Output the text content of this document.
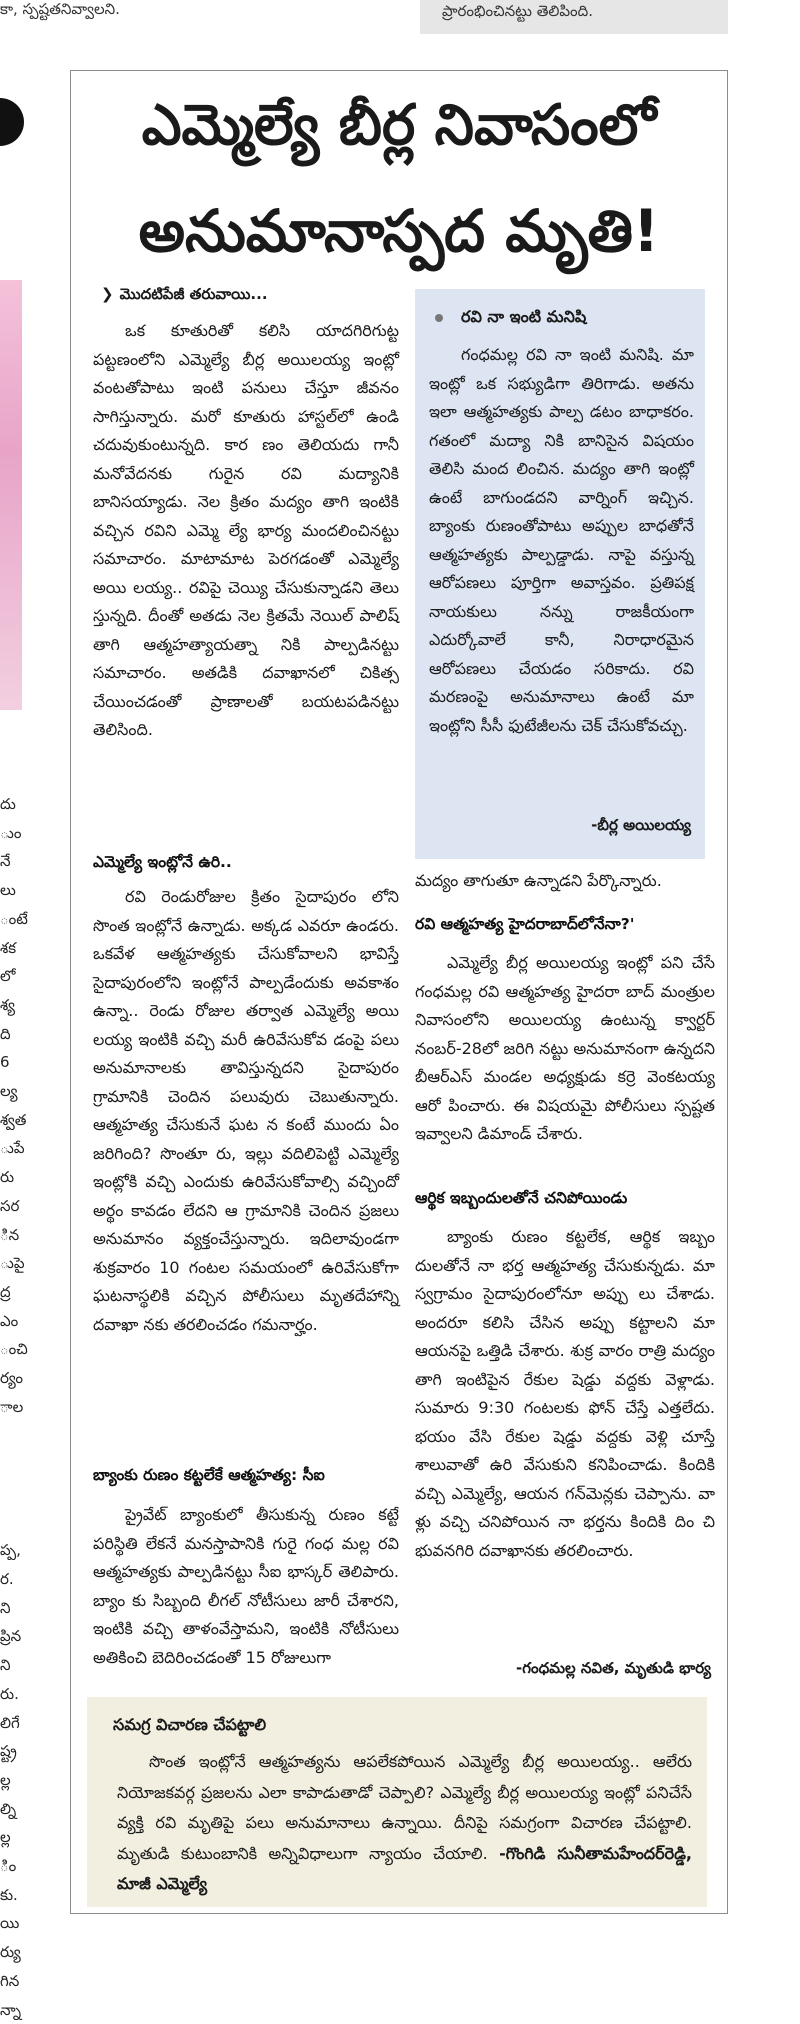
కా, స్పష్టతనివ్వాలని.	ప్రారంభించినట్టు తెలిపింది.
దు
ుం
నే
లు
ంటే
శక
లో
శ్య
ది
6
ల్య
శ్వత
ుపే
రు
సర
ిన
ుపై
ద్ర
ఎం
ంచి
ర్యం
ాల

ప్ప,
ర.
ని
ప్రిన
ని
రు.
లిగే
ష్ట్ర
ల్ల
ల్ని
ల్ల
ిం
కు.
యి
ర్యు
గిన
న్నా
ఎమ్మెల్యే బీర్ల నివాసంలో
అనుమానాస్పద మృతి!
❯ మొదటిపేజీ తరువాయి...
ఒక కూతురితో కలిసి యాదగిరిగుట్ట పట్టణంలోని ఎమ్మెల్యే బీర్ల అయిలయ్య ఇంట్లో వంటతోపాటు ఇంటి పనులు చేస్తూ జీవనం సాగిస్తున్నారు. మరో కూతురు హాస్టల్‌లో ఉండి చదువుకుంటున్నది. కార ణం తెలియదు గానీ మనోవేదనకు గురైన రవి మద్యానికి బానిసయ్యాడు. నెల క్రితం మద్యం తాగి ఇంటికి వచ్చిన రవిని ఎమ్మె ల్యే భార్య మందలించినట్టు సమాచారం. మాటామాట పెరగడంతో ఎమ్మెల్యే అయి లయ్య.. రవిపై చెయ్యి చేసుకున్నాడని తెలు స్తున్నది. దీంతో అతడు నెల క్రితమే నెయిల్ పాలిష్ తాగి ఆత్మహత్యాయత్నా నికి పాల్పడినట్టు సమాచారం. అతడికి దవాఖానలో చికిత్స చేయించడంతో ప్రాణాలతో బయటపడినట్టు తెలిసింది.
ఎమ్మెల్యే ఇంట్లోనే ఉరి..
రవి రెండురోజుల క్రితం సైదాపురం లోని సొంత ఇంట్లోనే ఉన్నాడు. అక్కడ ఎవరూ ఉండరు. ఒకవేళ ఆత్మహత్యకు చేసుకోవాలని భావిస్తే సైదాపురంలోని ఇంట్లోనే పాల్పడేందుకు అవకాశం ఉన్నా.. రెండు రోజుల తర్వాత ఎమ్మెల్యే అయి లయ్య ఇంటికి వచ్చి మరీ ఉరివేసుకోవ డంపై పలు అనుమానాలకు తావిస్తున్నదని సైదాపురం గ్రామానికి చెందిన పలువురు చెబుతున్నారు. ఆత్మహత్య చేసుకునే ఘట న కంటే ముందు ఏం జరిగింది? సొంతూ రు, ఇల్లు వదిలిపెట్టి ఎమ్మెల్యే ఇంట్లోకి వచ్చి ఎందుకు ఉరివేసుకోవాల్సి వచ్చిందో అర్థం కావడం లేదని ఆ గ్రామానికి చెందిన ప్రజలు అనుమానం వ్యక్తంచేస్తున్నారు. ఇదిలావుండగా శుక్రవారం 10 గంటల సమయంలో ఉరివేసుకోగా ఘటనాస్థలికి వచ్చిన పోలీసులు మృతదేహాన్ని దవాఖా నకు తరలించడం గమనార్హం.
బ్యాంకు రుణం కట్టలేకే ఆత్మహత్య: సీఐ
ప్రైవేట్ బ్యాంకులో తీసుకున్న రుణం కట్టే పరిస్థితి లేకనే మనస్తాపానికి గురై గంధ మల్ల రవి ఆత్మహత్యకు పాల్పడినట్టు సీఐ భాస్కర్ తెలిపారు. బ్యాం కు సిబ్బంది లీగల్ నోటీసులు జారీ చేశారని, ఇంటికి వచ్చి తాళంవేస్తామని, ఇంటికి నోటీసులు అతికించి బెదిరించడంతో 15 రోజులుగా
రవి నా ఇంటి మనిషి
గంధమల్ల రవి నా ఇంటి మనిషి. మా ఇంట్లో ఒక సభ్యుడిగా తిరిగాడు. అతను ఇలా ఆత్మహత్యకు పాల్ప డటం బాధాకరం. గతంలో మద్యా నికి బానిసైన విషయం తెలిసి మంద లించిన. మద్యం తాగి ఇంట్లో ఉంటే బాగుండదని వార్నింగ్ ఇచ్చిన. బ్యాంకు రుణంతోపాటు అప్పుల బాధతోనే ఆత్మహత్యకు పాల్పడ్డాడు. నాపై వస్తున్న ఆరోపణలు పూర్తిగా అవాస్తవం. ప్రతిపక్ష నాయకులు నన్ను రాజకీయంగా ఎదుర్కోవాలే కానీ, నిరాధారమైన ఆరోపణలు చేయడం సరికాదు. రవి మరణంపై అనుమానాలు ఉంటే మా ఇంట్లోని సీసీ ఫుటేజీలను చెక్ చేసుకోవచ్చు.
-బీర్ల అయిలయ్య
మద్యం తాగుతూ ఉన్నాడని పేర్కొన్నారు.
రవి ఆత్మహత్య హైదరాబాద్‌లోనేనా?'
ఎమ్మెల్యే బీర్ల అయిలయ్య ఇంట్లో పని చేసే గంధమల్ల రవి ఆత్మహత్య హైదరా బాద్ మంత్రుల నివాసంలోని అయిలయ్య ఉంటున్న క్వార్టర్ నంబర్-28లో జరిగి నట్టు అనుమానంగా ఉన్నదని బీఆర్ఎస్ మండల అధ్యక్షుడు కర్రె వెంకటయ్య ఆరో పించారు. ఈ విషయమై పోలీసులు స్పష్టత ఇవ్వాలని డిమాండ్ చేశారు.
ఆర్థిక ఇబ్బందులతోనే చనిపోయిండు
బ్యాంకు రుణం కట్టలేక, ఆర్థిక ఇబ్బం దులతోనే నా భర్త ఆత్మహత్య చేసుకున్నడు. మా స్వగ్రామం సైదాపురంలోనూ అప్పు లు చేశాడు. అందరూ కలిసి చేసిన అప్పు కట్టాలని మా ఆయనపై ఒత్తిడి చేశారు. శుక్ర వారం రాత్రి మద్యం తాగి ఇంటిపైన రేకుల షెడ్డు వద్దకు వెళ్లాడు. సుమారు 9:30 గంటలకు ఫోన్ చేస్తే ఎత్తలేదు. భయం వేసి రేకుల షెడ్డు వద్దకు వెళ్లి చూస్తే శాలువాతో ఉరి వేసుకుని కనిపించాడు. కిందికి వచ్చి ఎమ్మెల్యే, ఆయన గన్‌మెన్లకు చెప్పాను. వా ళ్లు వచ్చి చనిపోయిన నా భర్తను కిందికి దిం చి భువనగిరి దవాఖానకు తరలించారు.
-గంధమల్ల నవిత, మృతుడి భార్య
సమగ్ర విచారణ చేపట్టాలి
సొంత ఇంట్లోనే ఆత్మహత్యను ఆపలేకపోయిన ఎమ్మెల్యే బీర్ల అయిలయ్య.. ఆలేరు నియోజకవర్గ ప్రజలను ఎలా కాపాడుతాడో చెప్పాలి? ఎమ్మెల్యే బీర్ల అయిలయ్య ఇంట్లో పనిచేసే వ్యక్తి రవి మృతిపై పలు అనుమానాలు ఉన్నాయి. దీనిపై సమగ్రంగా విచారణ చేపట్టాలి. మృతుడి కుటుంబానికి అన్నివిధాలుగా న్యాయం చేయాలి. -గొంగిడి సునీతామహేందర్‌రెడ్డి, మాజీ ఎమ్మెల్యే
